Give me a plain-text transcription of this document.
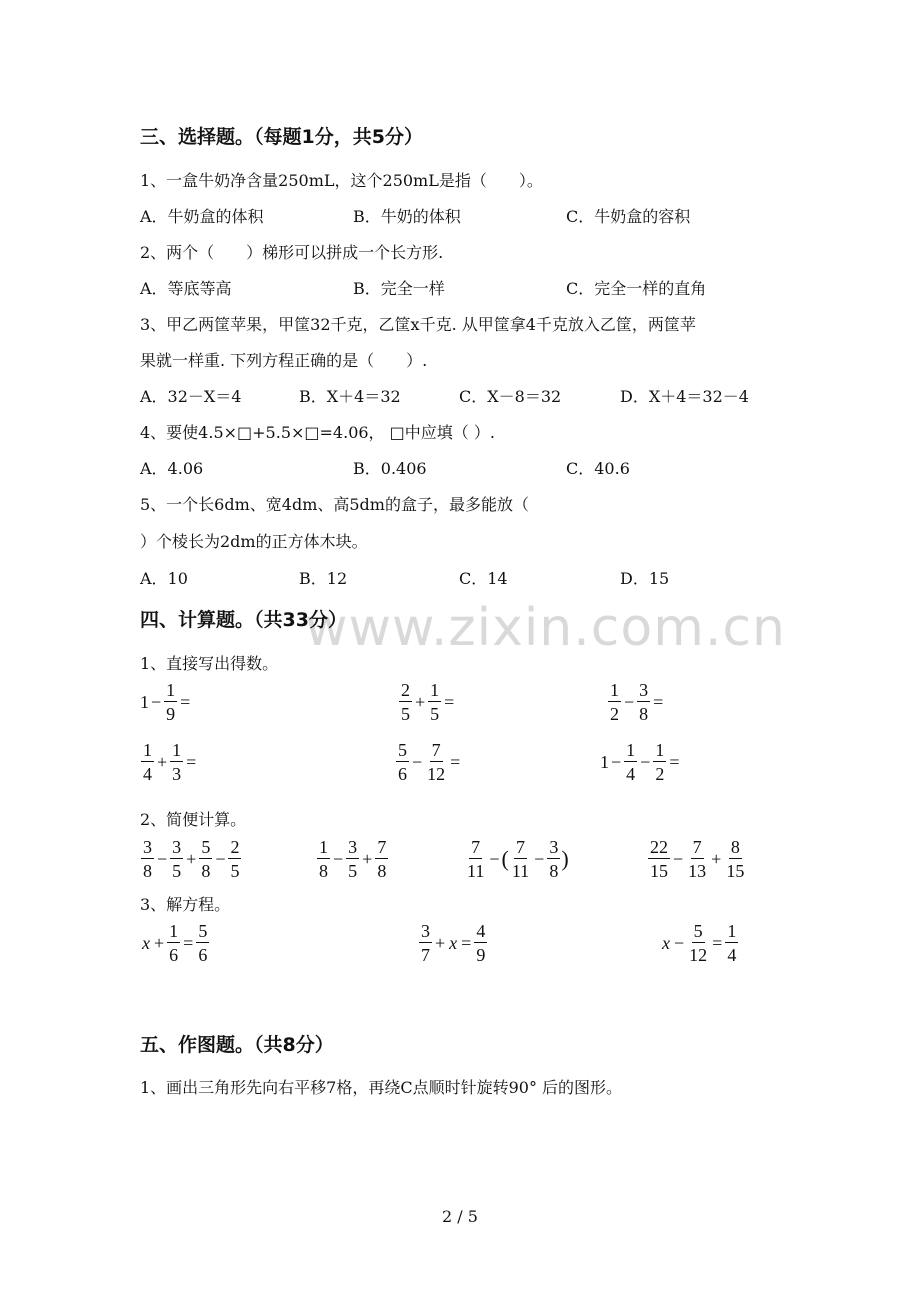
三、选择题。（每题1分，共5分）
1、一盒牛奶净含量250mL，这个250mL是指（　　）。
A．牛奶盒的体积	B．牛奶的体积	C．牛奶盒的容积
2、两个（　　）梯形可以拼成一个长方形.
A．等底等高	B．完全一样	C．完全一样的直角
3、甲乙两筐苹果，甲筐32千克，乙筐x千克. 从甲筐拿4千克放入乙筐，两筐苹
果就一样重. 下列方程正确的是（　　）.
A．32－X＝4	B．X＋4＝32	C．X－8＝32	D．X＋4＝32－4
4、要使4.5×□+5.5×□=4.06， □中应填（ ）.
A．4.06	B．0.406	C．40.6
5、一个长6dm、宽4dm、高5dm的盒子，最多能放（
）个棱长为2dm的正方体木块。
A．10	B．12	C．14	D．15
www.zixin.com.cn
四、计算题。（共33分）
1、直接写出得数。
$1 - \frac{1}{9}$ =	$\frac{2}{5} + \frac{1}{5}$ =	$\frac{1}{2} - \frac{3}{8}$ =
$\frac{1}{4} + \frac{1}{3}$ =	$\frac{5}{6} - \frac{7}{12}$ =	$1 - \frac{1}{4} - \frac{1}{2}$ =
2、简便计算。
$\frac{3}{8} - \frac{3}{5} + \frac{5}{8} - \frac{2}{5}$	$\frac{1}{8} - \frac{3}{5} + \frac{7}{8}$	$\frac{7}{11}$ − ( $\frac{7}{11} - \frac{3}{8}$ )	$\frac{22}{15} - \frac{7}{13} + \frac{8}{15}$
3、解方程。
$x + \frac{1}{6} = \frac{5}{6}$	$\frac{3}{7} + x = \frac{4}{9}$	$x - \frac{5}{12} = \frac{1}{4}$
五、作图题。（共8分）
1、画出三角形先向右平移7格，再绕C点顺时针旋转90° 后的图形。
2 / 5
